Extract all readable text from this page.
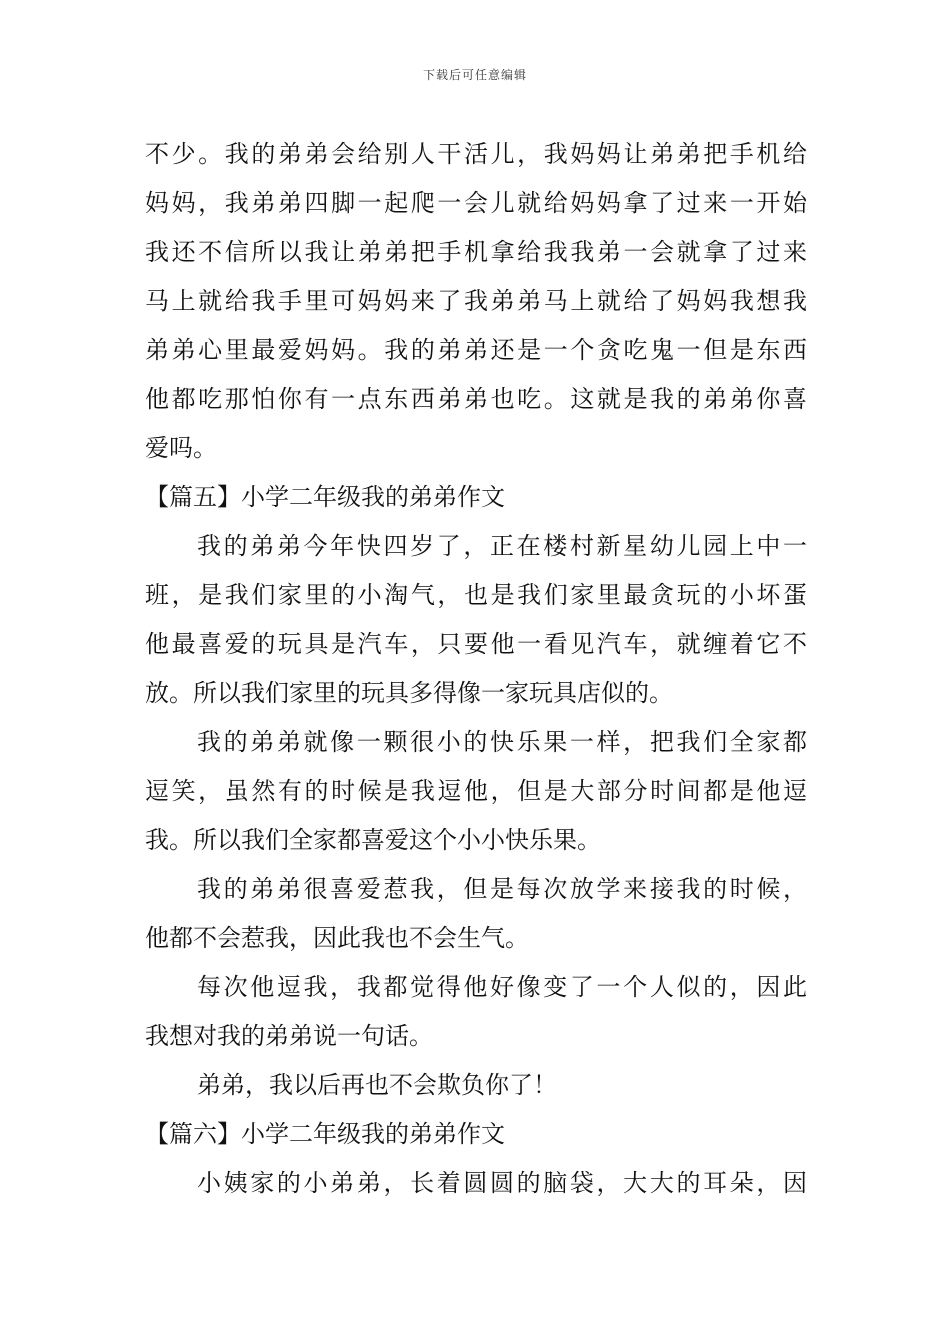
下载后可任意编辑
不少。我的弟弟会给别人干活儿，我妈妈让弟弟把手机给
妈妈，我弟弟四脚一起爬一会儿就给妈妈拿了过来一开始
我还不信所以我让弟弟把手机拿给我我弟一会就拿了过来
马上就给我手里可妈妈来了我弟弟马上就给了妈妈我想我
弟弟心里最爱妈妈。我的弟弟还是一个贪吃鬼一但是东西
他都吃那怕你有一点东西弟弟也吃。这就是我的弟弟你喜
爱吗。
【篇五】小学二年级我的弟弟作文
我的弟弟今年快四岁了，正在楼村新星幼儿园上中一
班，是我们家里的小淘气，也是我们家里最贪玩的小坏蛋
他最喜爱的玩具是汽车，只要他一看见汽车，就缠着它不
放。所以我们家里的玩具多得像一家玩具店似的。
我的弟弟就像一颗很小的快乐果一样，把我们全家都
逗笑，虽然有的时候是我逗他，但是大部分时间都是他逗
我。所以我们全家都喜爱这个小小快乐果。
我的弟弟很喜爱惹我，但是每次放学来接我的时候，
他都不会惹我，因此我也不会生气。
每次他逗我，我都觉得他好像变了一个人似的，因此
我想对我的弟弟说一句话。
弟弟，我以后再也不会欺负你了！
【篇六】小学二年级我的弟弟作文
小姨家的小弟弟，长着圆圆的脑袋，大大的耳朵，因
